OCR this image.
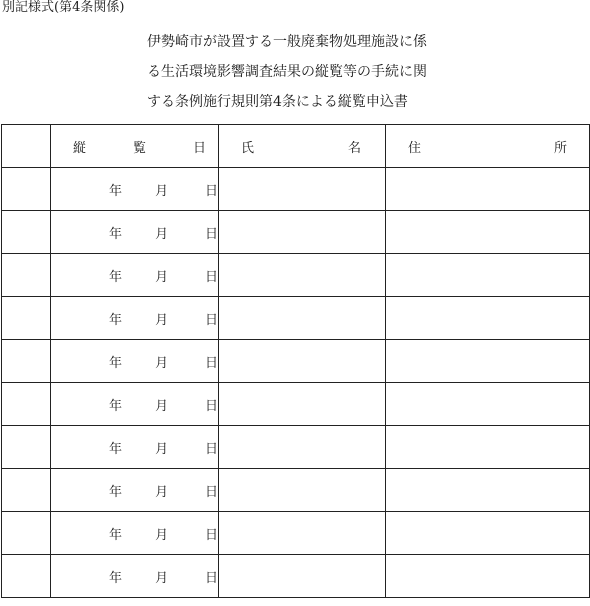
別記様式(第4条関係)
伊勢崎市が設置する一般廃棄物処理施設に係
る生活環境影響調査結果の縦覧等の手続に関
する条例施行規則第4条による縦覧申込書

	縦 覧 日	氏 名	住 所

	年 月 日		

	年 月 日		

	年 月 日		

	年 月 日		

	年 月 日		

	年 月 日		

	年 月 日		

	年 月 日		

	年 月 日		

	年 月 日		
